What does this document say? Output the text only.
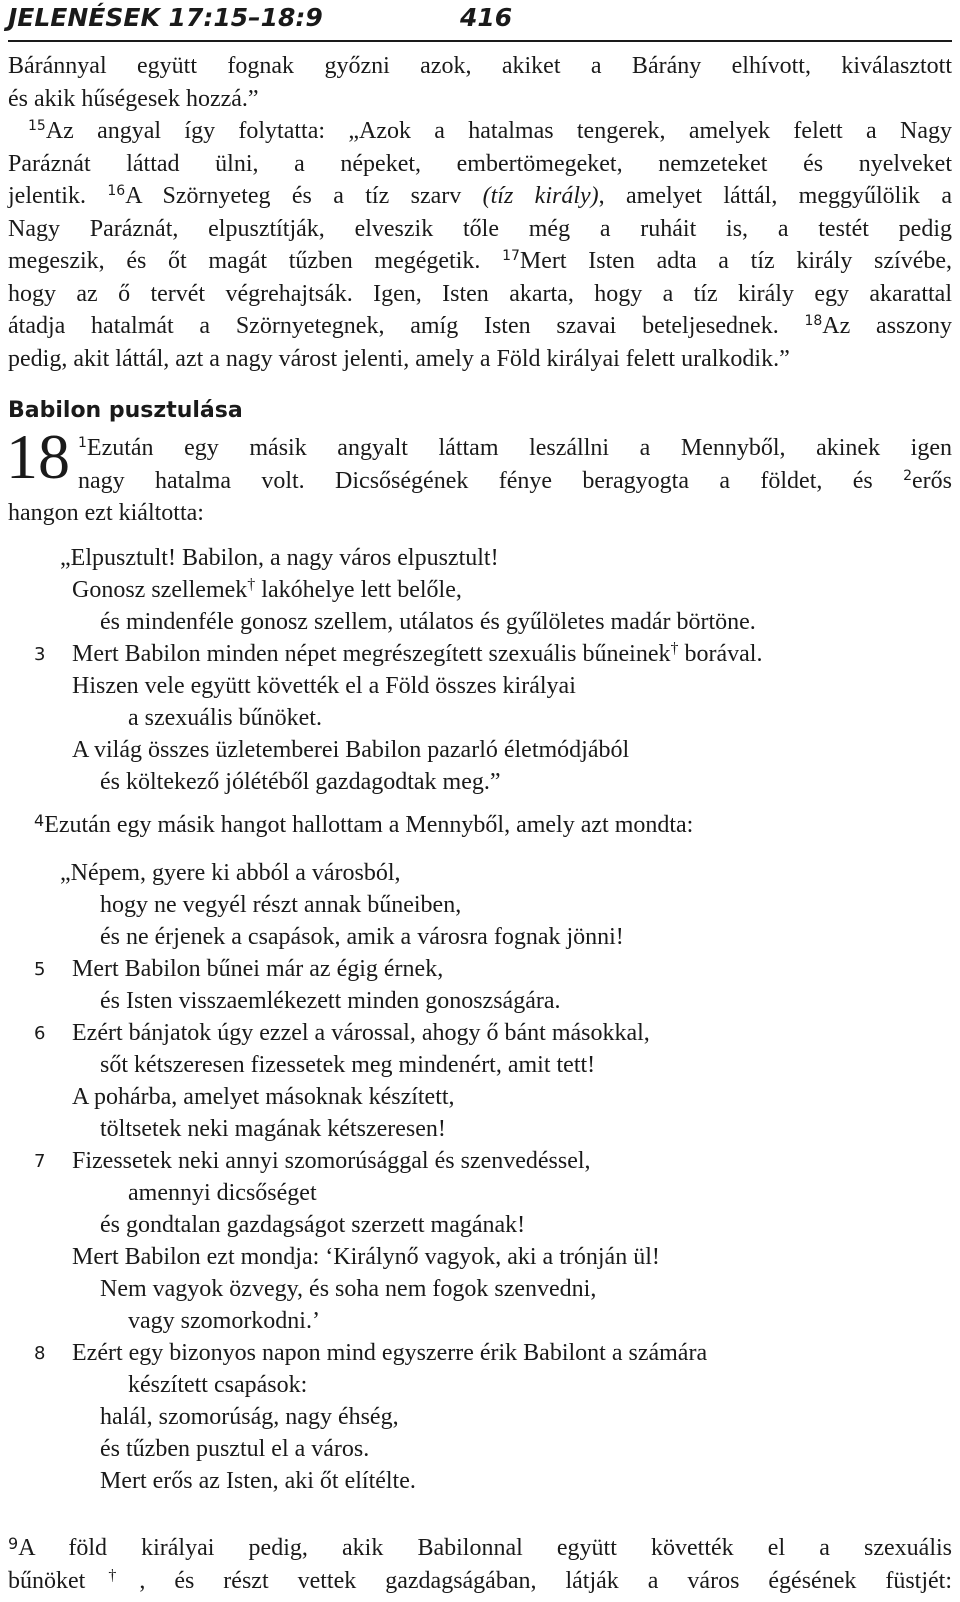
JELENÉSEK 17:15–18:9	416
Báránnyal együtt fognak győzni azok, akiket a Bárány elhívott, kiválasztott
és akik hűségesek hozzá.”
$^{15}$Az angyal így folytatta: „Azok a hatalmas tengerek, amelyek felett a Nagy
Paráznát láttad ülni, a népeket, embertömegeket, nemzeteket és nyelveket
jelentik. $^{16}$A Szörnyeteg és a tíz szarv (tíz király), amelyet láttál, meggyűlölik a
Nagy Paráznát, elpusztítják, elveszik tőle még a ruháit is, a testét pedig
megeszik, és őt magát tűzben megégetik. $^{17}$Mert Isten adta a tíz király szívébe,
hogy az ő tervét végrehajtsák. Igen, Isten akarta, hogy a tíz király egy akarattal
átadja hatalmát a Szörnyetegnek, amíg Isten szavai beteljesednek. $^{18}$Az asszony
pedig, akit láttál, azt a nagy várost jelenti, amely a Föld királyai felett uralkodik.”
Babilon pusztulása
18 $^1$Ezután egy másik angyalt láttam leszállni a Mennyből, akinek igen
nagy hatalma volt. Dicsőségének fénye beragyogta a földet, és $^2$erős
hangon ezt kiáltotta:
„Elpusztult! Babilon, a nagy város elpusztult!
Gonosz szellemek† lakóhelye lett belőle,
és mindenféle gonosz szellem, utálatos és gyűlöletes madár börtöne.
3 Mert Babilon minden népet megrészegített szexuális bűneinek† borával.
Hiszen vele együtt követték el a Föld összes királyai
a szexuális bűnöket.
A világ összes üzletemberei Babilon pazarló életmódjából
és költekező jólétéből gazdagodtak meg.”
$^4$Ezután egy másik hangot hallottam a Mennyből, amely azt mondta:
„Népem, gyere ki abból a városból,
hogy ne vegyél részt annak bűneiben,
és ne érjenek a csapások, amik a városra fognak jönni!
5 Mert Babilon bűnei már az égig érnek,
és Isten visszaemlékezett minden gonoszságára.
6 Ezért bánjatok úgy ezzel a várossal, ahogy ő bánt másokkal,
sőt kétszeresen fizessetek meg mindenért, amit tett!
A pohárba, amelyet másoknak készített,
töltsetek neki magának kétszeresen!
7 Fizessetek neki annyi szomorúsággal és szenvedéssel,
amennyi dicsőséget
és gondtalan gazdagságot szerzett magának!
Mert Babilon ezt mondja: ‘Királynő vagyok, aki a trónján ül!
Nem vagyok özvegy, és soha nem fogok szenvedni,
vagy szomorkodni.’
8 Ezért egy bizonyos napon mind egyszerre érik Babilont a számára
készített csapások:
halál, szomorúság, nagy éhség,
és tűzben pusztul el a város.
Mert erős az Isten, aki őt elítélte.
$^9$A föld királyai pedig, akik Babilonnal együtt követték el a szexuális
bűnöket†, és részt vettek gazdagságában, látják a város égésének füstjét:
